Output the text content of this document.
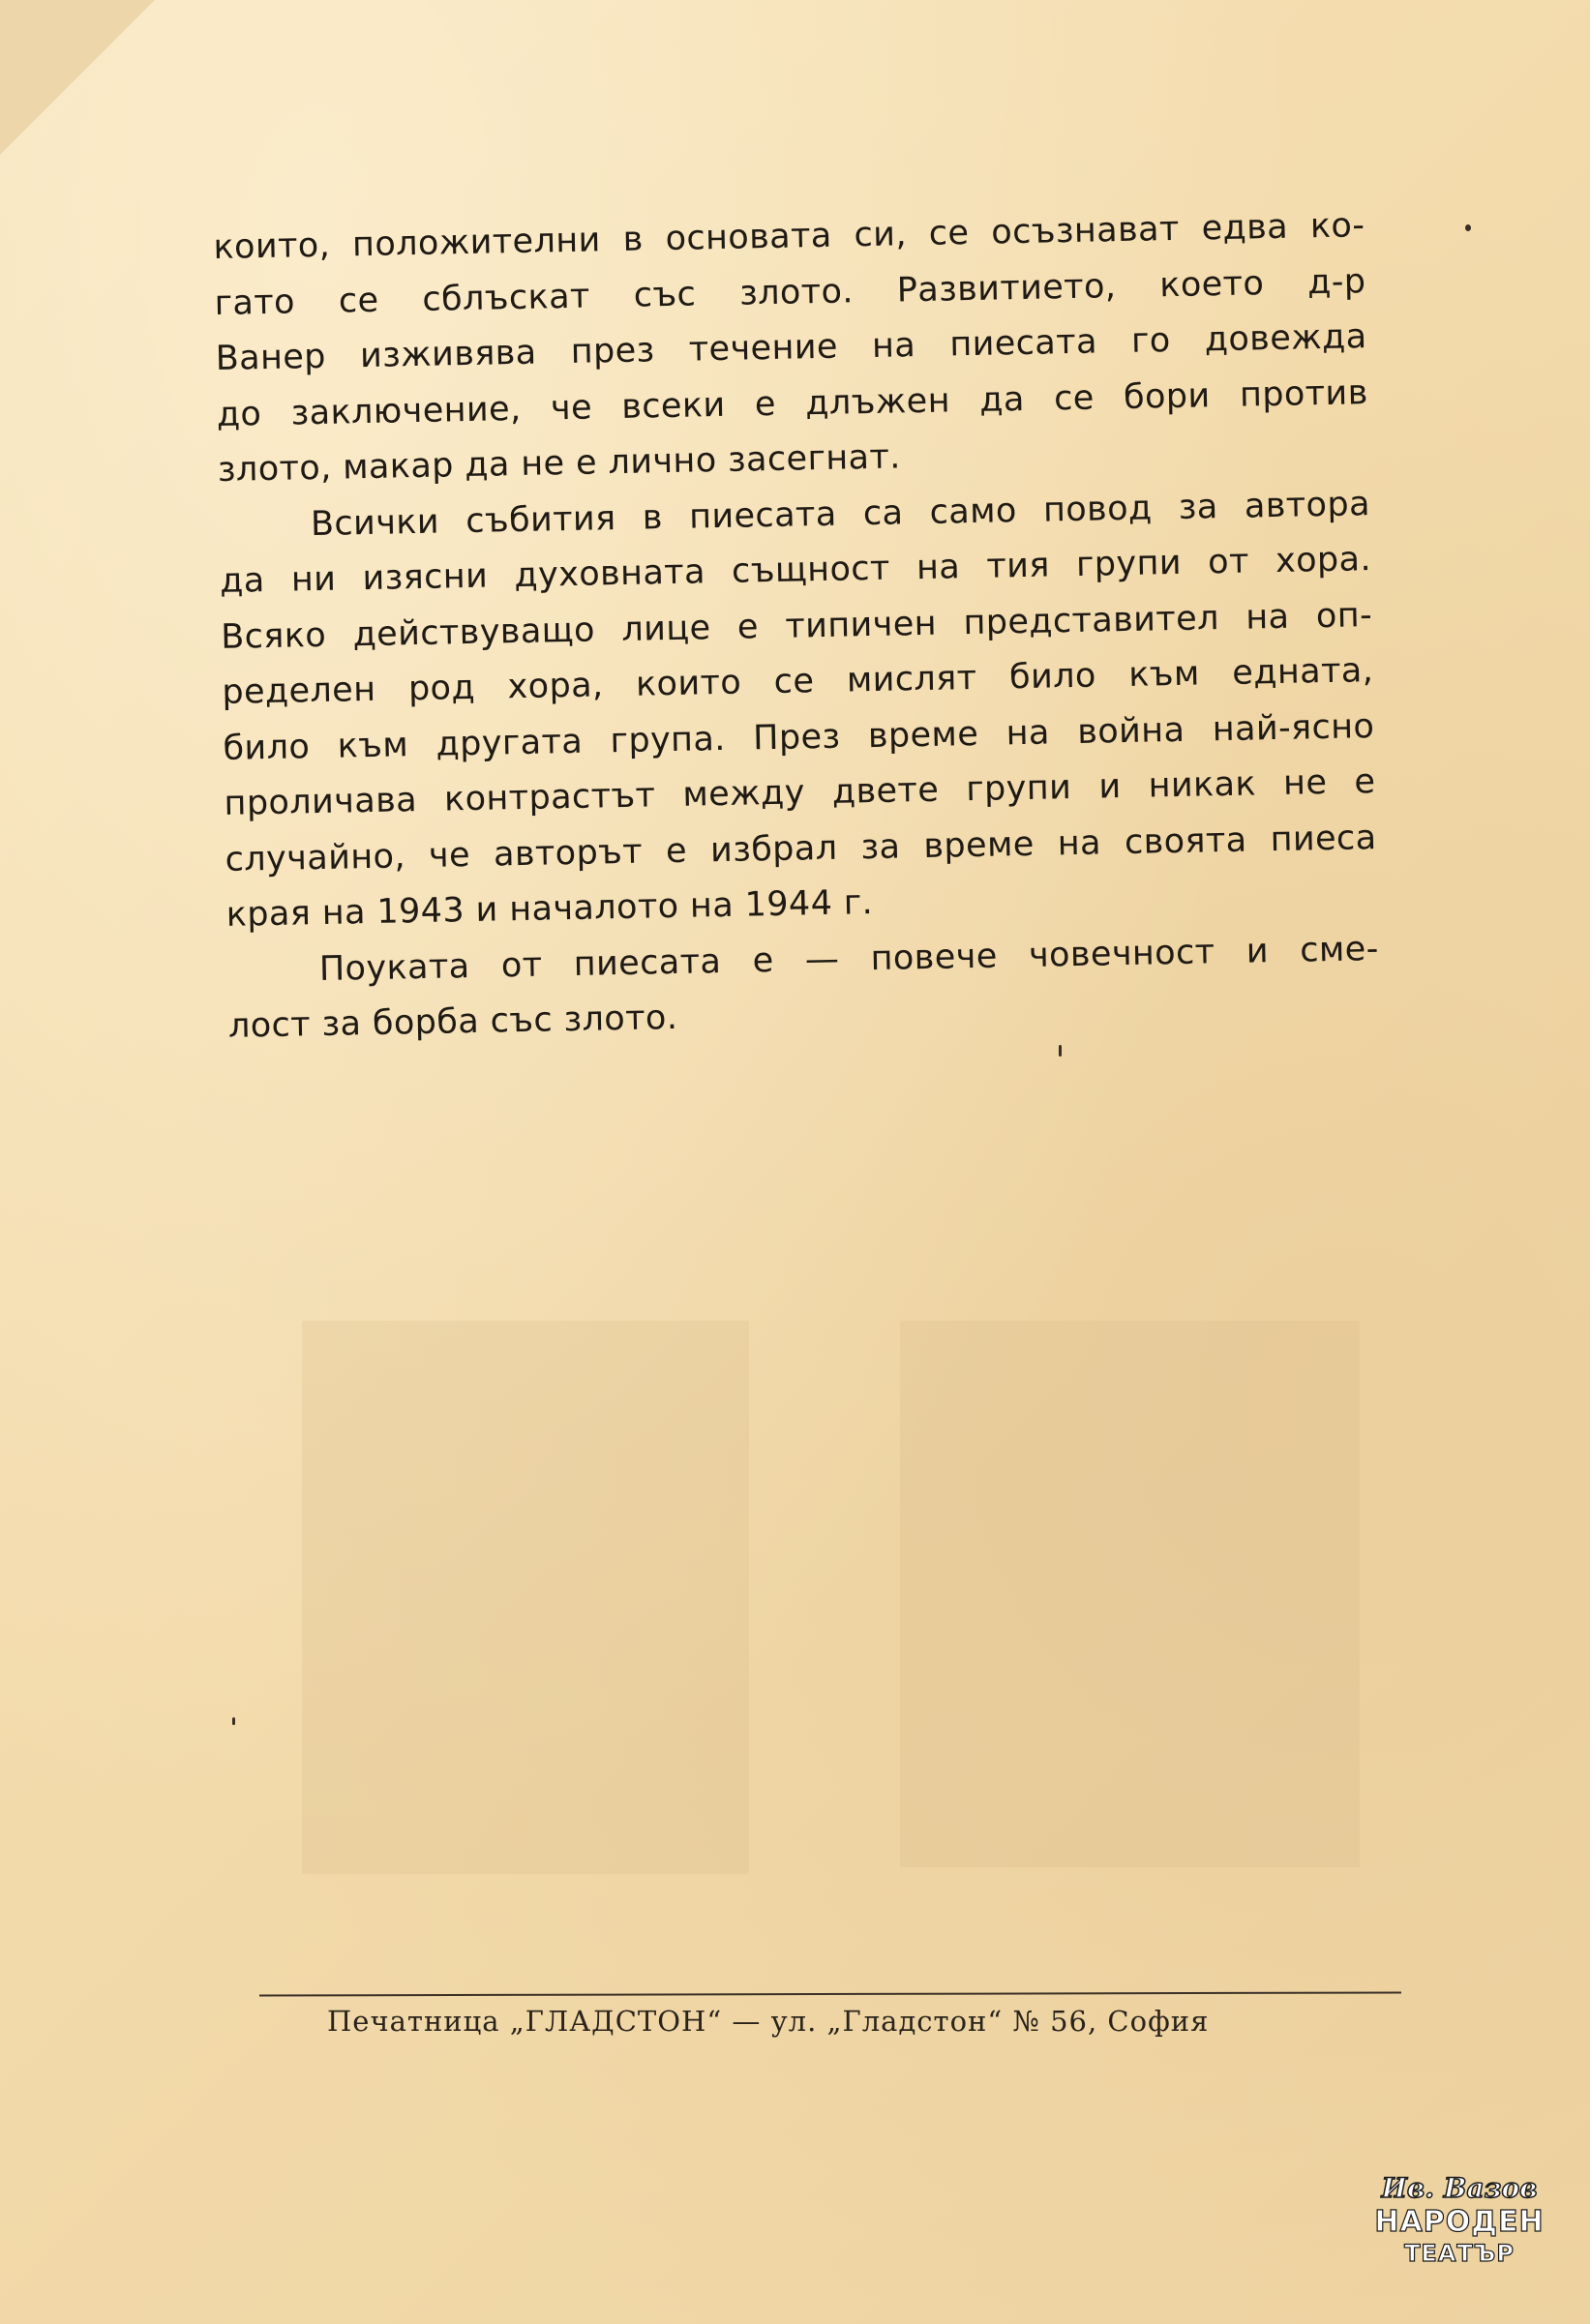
които, положителни в основата си, се осъзнават едва ко-
гато се сблъскат със злото. Развитието, което д-р
Ванер изживява през течение на пиесата го довежда
до заключение, че всеки е длъжен да се бори против
злото, макар да не е лично засегнат.

Всички събития в пиесата са само повод за автора
да ни изясни духовната същност на тия групи от хора.
Всяко действуващо лице е типичен представител на оп-
ределен род хора, които се мислят било към едната,
било към другата група. През време на война най-ясно
проличава контрастът между двете групи и никак не е
случайно, че авторът е избрал за време на своята пиеса
края на 1943 и началото на 1944 г.

Поуката от пиесата е — повече човечност и сме-
лост за борба със злото.

Печатница „ГЛАДСТОН“ — ул. „Гладстон“ № 56, София
Ив. Вазов
НАРОДЕН
ТЕАТЪР
